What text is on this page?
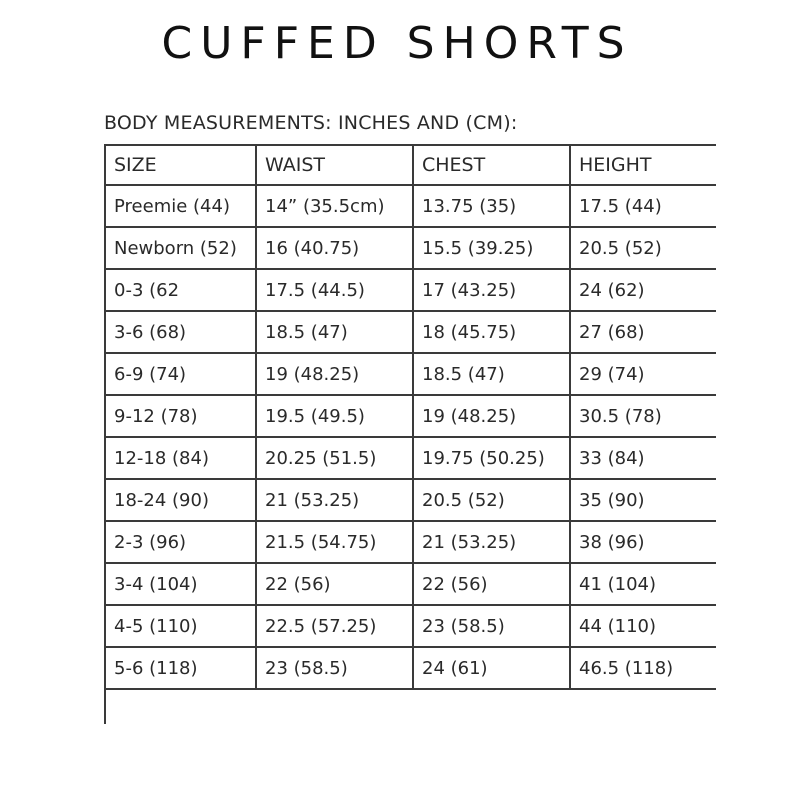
CUFFED SHORTS

BODY MEASUREMENTS: INCHES AND (CM):

SIZE	WAIST	CHEST	HEIGHT
Preemie (44)	14” (35.5cm)	13.75 (35)	17.5 (44)
Newborn (52)	16 (40.75)	15.5 (39.25)	20.5 (52)
0-3 (62	17.5 (44.5)	17 (43.25)	24 (62)
3-6 (68)	18.5 (47)	18 (45.75)	27 (68)
6-9 (74)	19 (48.25)	18.5 (47)	29 (74)
9-12 (78)	19.5 (49.5)	19 (48.25)	30.5 (78)
12-18 (84)	20.25 (51.5)	19.75 (50.25)	33 (84)
18-24 (90)	21 (53.25)	20.5 (52)	35 (90)
2-3 (96)	21.5 (54.75)	21 (53.25)	38 (96)
3-4 (104)	22 (56)	22 (56)	41 (104)
4-5 (110)	22.5 (57.25)	23 (58.5)	44 (110)
5-6 (118)	23 (58.5)	24 (61)	46.5 (118)
